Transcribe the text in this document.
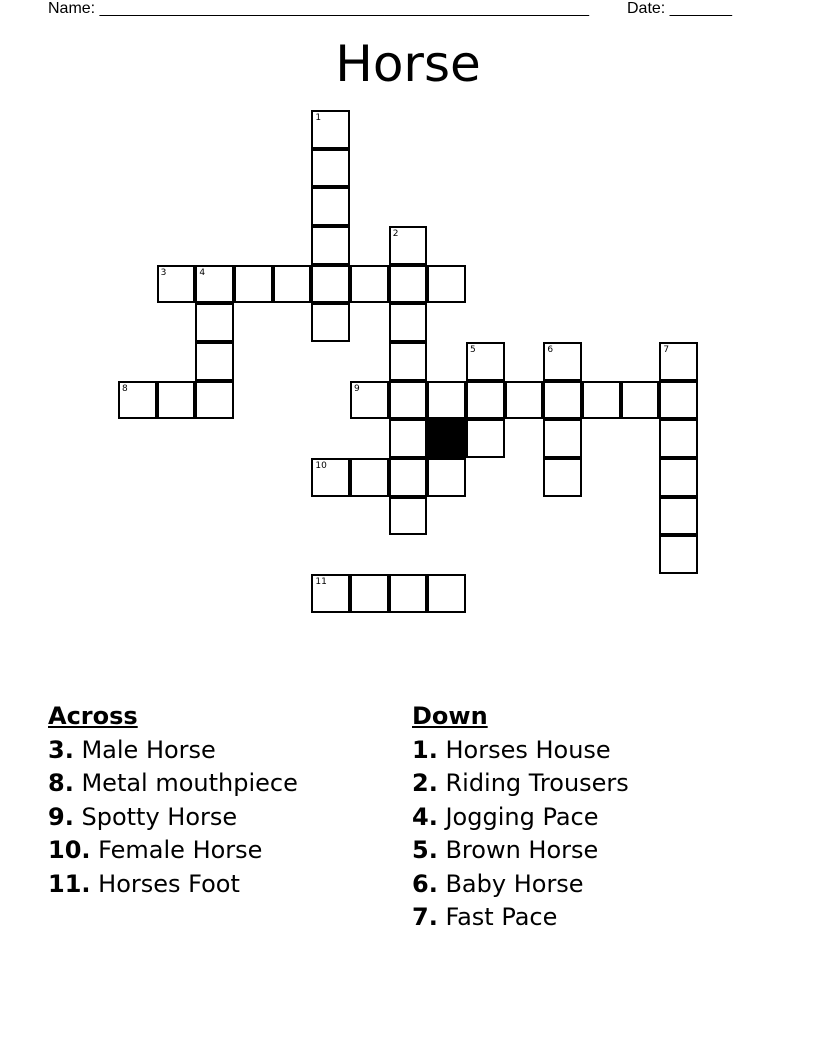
Name: _______________________________________________________ Date: _______
Horse
1
2
3	4
5	6	7
8	9
10
11
Across
3. Male Horse
8. Metal mouthpiece
9. Spotty Horse
10. Female Horse
11. Horses Foot
Down
1. Horses House
2. Riding Trousers
4. Jogging Pace
5. Brown Horse
6. Baby Horse
7. Fast Pace
